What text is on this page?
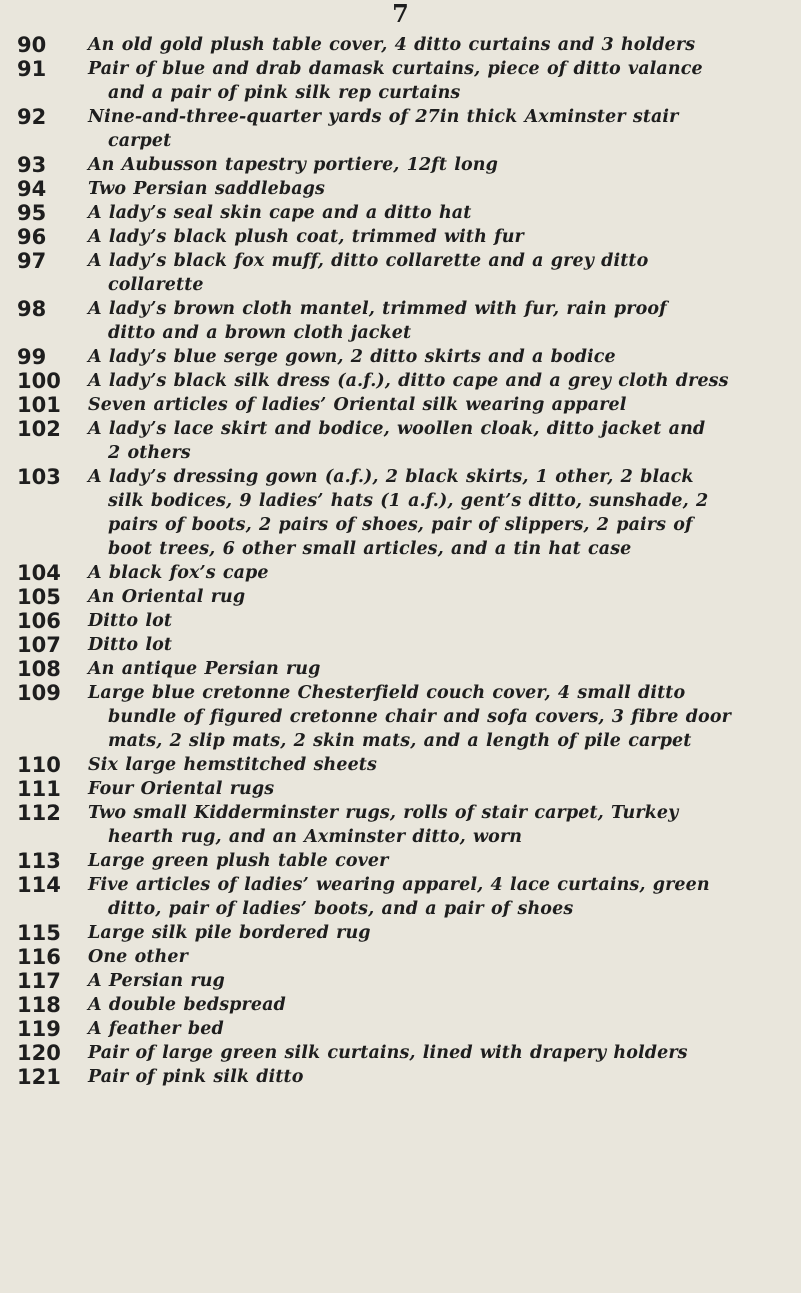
7
90	An old gold plush table cover, 4 ditto curtains and 3 holders
91	Pair of blue and drab damask curtains, piece of ditto valance
and a pair of pink silk rep curtains
92	Nine-and-three-quarter yards of 27in thick Axminster stair
carpet
93	An Aubusson tapestry portiere, 12ft long
94	Two Persian saddlebags
95	A lady’s seal skin cape and a ditto hat
96	A lady’s black plush coat, trimmed with fur
97	A lady’s black fox muff, ditto collarette and a grey ditto
collarette
98	A lady’s brown cloth mantel, trimmed with fur, rain proof
ditto and a brown cloth jacket
99	A lady’s blue serge gown, 2 ditto skirts and a bodice
100	A lady’s black silk dress (a.f.), ditto cape and a grey cloth dress
101	Seven articles of ladies’ Oriental silk wearing apparel
102	A lady’s lace skirt and bodice, woollen cloak, ditto jacket and
2 others
103	A lady’s dressing gown (a.f.), 2 black skirts, 1 other, 2 black
silk bodices, 9 ladies’ hats (1 a.f.), gent’s ditto, sunshade, 2
pairs of boots, 2 pairs of shoes, pair of slippers, 2 pairs of
boot trees, 6 other small articles, and a tin hat case
104	A black fox’s cape
105	An Oriental rug
106	Ditto lot
107	Ditto lot
108	An antique Persian rug
109	Large blue cretonne Chesterfield couch cover, 4 small ditto
bundle of figured cretonne chair and sofa covers, 3 fibre door
mats, 2 slip mats, 2 skin mats, and a length of pile carpet
110	Six large hemstitched sheets
111	Four Oriental rugs
112	Two small Kidderminster rugs, rolls of stair carpet, Turkey
hearth rug, and an Axminster ditto, worn
113	Large green plush table cover
114	Five articles of ladies’ wearing apparel, 4 lace curtains, green
ditto, pair of ladies’ boots, and a pair of shoes
115	Large silk pile bordered rug
116	One other
117	A Persian rug
118	A double bedspread
119	A feather bed
120	Pair of large green silk curtains, lined with drapery holders
121	Pair of pink silk ditto
